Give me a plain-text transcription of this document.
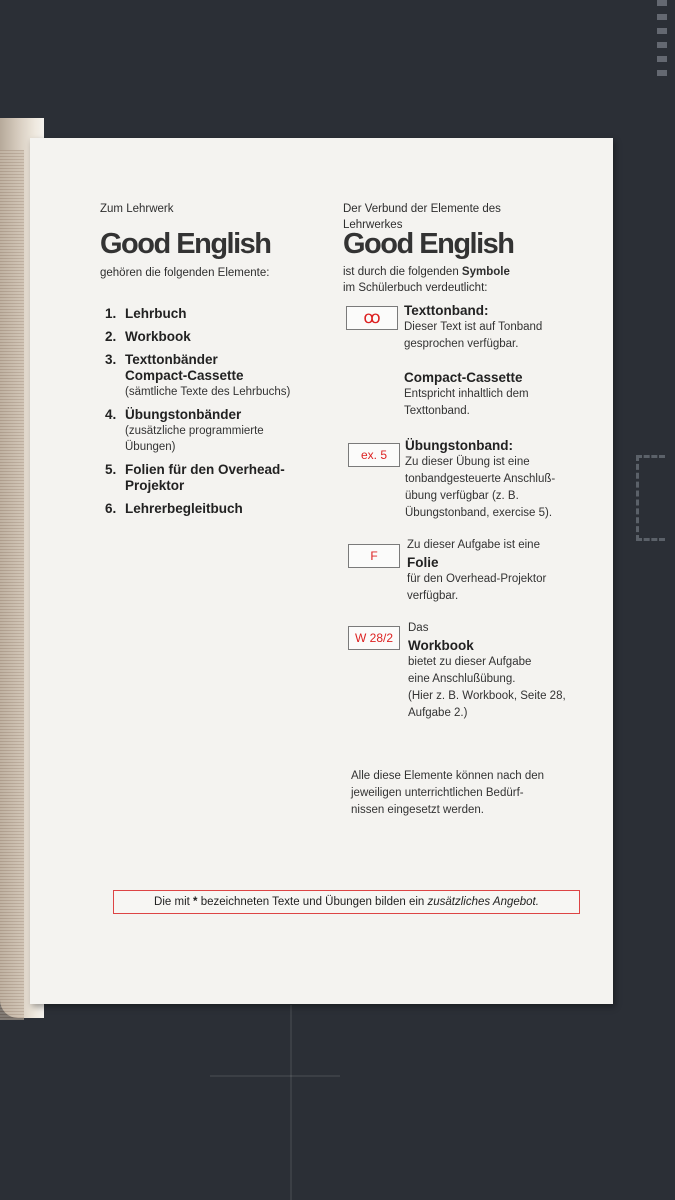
Zum Lehrwerk
Good English
gehören die folgenden Elemente:
1. Lehrbuch
2. Workbook
3. Texttonbänder
Compact-Cassette
(sämtliche Texte des Lehrbuchs)
4. Übungstonbänder
(zusätzliche programmierte
Übungen)
5. Folien für den Overhead-
Projektor
6. Lehrerbegleitbuch
Der Verbund der Elemente des Lehrwerkes
Good English
ist durch die folgenden Symbole
im Schülerbuch verdeutlicht:
ꝏ	Texttonband:
Dieser Text ist auf Tonband
gesprochen verfügbar.
Compact-Cassette
Entspricht inhaltlich dem
Texttonband.
ex. 5
Übungstonband:
Zu dieser Übung ist eine
tonbandgesteuerte Anschluß-
übung verfügbar (z. B.
Übungstonband, exercise 5).
F
Zu dieser Aufgabe ist eine
Folie
für den Overhead-Projektor
verfügbar.
W 28/2
Das
Workbook
bietet zu dieser Aufgabe
eine Anschlußübung.
(Hier z. B. Workbook, Seite 28,
Aufgabe 2.)
Alle diese Elemente können nach den
jeweiligen unterrichtlichen Bedürf-
nissen eingesetzt werden.
Die mit * bezeichneten Texte und Übungen bilden ein zusätzliches Angebot.
